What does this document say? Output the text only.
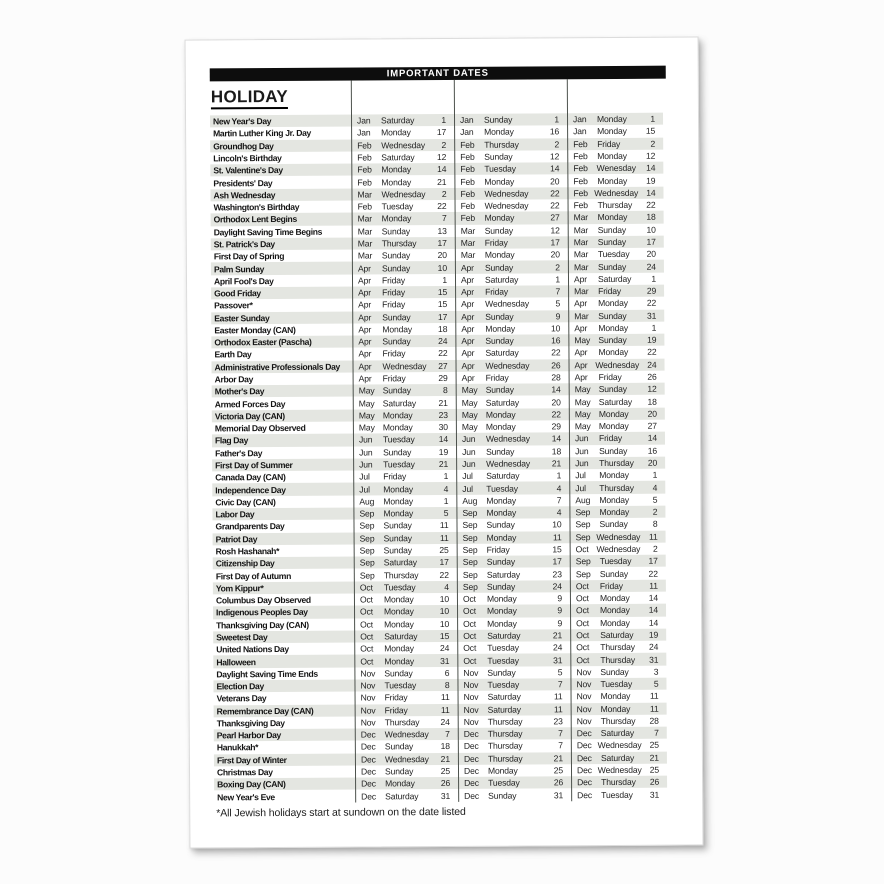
IMPORTANT DATES
HOLIDAY
New Year's Day	Jan	Saturday	1	Jan	Sunday	1	Jan	Monday	1
Martin Luther King Jr. Day	Jan	Monday	17	Jan	Monday	16	Jan	Monday	15
Groundhog Day	Feb	Wednesday	2	Feb	Thursday	2	Feb	Friday	2
Lincoln's Birthday	Feb	Saturday	12	Feb	Sunday	12	Feb	Monday	12
St. Valentine's Day	Feb	Monday	14	Feb	Tuesday	14	Feb	Wenesday	14
Presidents' Day	Feb	Monday	21	Feb	Monday	20	Feb	Monday	19
Ash Wednesday	Mar	Wednesday	2	Feb	Wednesday	22	Feb Wednesday 14
Washington's Birthday	Feb	Tuesday	22	Feb	Wednesday	22	Feb	Thursday	22
Orthodox Lent Begins	Mar	Monday	7	Feb	Monday	27	Mar	Monday	18
Daylight Saving Time Begins	Mar	Sunday	13	Mar	Sunday	12	Mar	Sunday	10
St. Patrick's Day	Mar	Thursday	17	Mar	Friday	17	Mar	Sunday	17
First Day of Spring	Mar	Sunday	20	Mar	Monday	20	Mar	Tuesday	20
Palm Sunday	Apr	Sunday	10	Apr	Sunday	2	Mar	Sunday	24
April Fool's Day	Apr	Friday	1	Apr	Saturday	1	Apr	Saturday	1
Good Friday	Apr	Friday	15	Apr	Friday	7	Mar	Friday	29
Passover*	Apr	Friday	15	Apr	Wednesday	5	Apr	Monday	22
Easter Sunday	Apr	Sunday	17	Apr	Sunday	9	Mar	Sunday	31
Easter Monday (CAN)	Apr	Monday	18	Apr	Monday	10	Apr	Monday	1
Orthodox Easter (Pascha)	Apr	Sunday	24	Apr	Sunday	16	May Sunday	19
Earth Day	Apr	Friday	22	Apr	Saturday	22	Apr	Monday	22
Administrative Professionals Day	Apr	Wednesday	27	Apr	Wednesday	26	Apr Wednesday 24
Arbor Day	Apr	Friday	29	Apr	Friday	28	Apr	Friday	26
Mother's Day	May Sunday	8	May Sunday	14	May Sunday	12
Armed Forces Day	May Saturday	21	May Saturday	20	May Saturday	18
Victoria Day (CAN)	May Monday	23	May Monday	22	May Monday	20
Memorial Day Observed	May Monday	30	May Monday	29	May Monday	27
Flag Day	Jun	Tuesday	14	Jun	Wednesday	14	Jun	Friday	14
Father's Day	Jun	Sunday	19	Jun	Sunday	18	Jun	Sunday	16
First Day of Summer	Jun	Tuesday	21	Jun	Wednesday	21	Jun	Thursday	20
Canada Day (CAN)	Jul	Friday	1	Jul	Saturday	1	Jul	Monday	1
Independence Day	Jul	Monday	4	Jul	Tuesday	4	Jul	Thursday	4
Civic Day (CAN)	Aug	Monday	1	Aug	Monday	7	Aug	Monday	5
Labor Day	Sep	Monday	5	Sep	Monday	4	Sep	Monday	2
Grandparents Day	Sep	Sunday	11	Sep	Sunday	10	Sep	Sunday	8
Patriot Day	Sep	Sunday	11	Sep	Monday	11	Sep Wednesday	11
Rosh Hashanah*	Sep	Sunday	25	Sep	Friday	15	Oct Wednesday	2
Citizenship Day	Sep	Saturday	17	Sep	Sunday	17	Sep	Tuesday	17
First Day of Autumn	Sep	Thursday	22	Sep	Saturday	23	Sep	Sunday	22
Yom Kippur*	Oct	Tuesday	4	Sep	Sunday	24	Oct	Friday	11
Columbus Day Observed	Oct	Monday	10	Oct	Monday	9	Oct	Monday	14
Indigenous Peoples Day	Oct	Monday	10	Oct	Monday	9	Oct	Monday	14
Thanksgiving Day (CAN)	Oct	Monday	10	Oct	Monday	9	Oct	Monday	14
Sweetest Day	Oct	Saturday	15	Oct	Saturday	21	Oct	Saturday	19
United Nations Day	Oct	Monday	24	Oct	Tuesday	24	Oct	Thursday	24
Halloween	Oct	Monday	31	Oct	Tuesday	31	Oct	Thursday	31
Daylight Saving Time Ends	Nov	Sunday	6	Nov	Sunday	5	Nov	Sunday	3
Election Day	Nov	Tuesday	8	Nov	Tuesday	7	Nov	Tuesday	5
Veterans Day	Nov	Friday	11	Nov	Saturday	11	Nov	Monday	11
Remembrance Day (CAN)	Nov	Friday	11	Nov	Saturday	11	Nov	Monday	11
Thanksgiving Day	Nov	Thursday	24	Nov	Thursday	23	Nov	Thursday	28
Pearl Harbor Day	Dec	Wednesday	7	Dec	Thursday	7	Dec	Saturday	7
Hanukkah*	Dec	Sunday	18	Dec	Thursday	7	Dec Wednesday 25
First Day of Winter	Dec	Wednesday	21	Dec	Thursday	21	Dec	Saturday	21
Christmas Day	Dec	Sunday	25	Dec	Monday	25	Dec Wednesday 25
Boxing Day (CAN)	Dec	Monday	26	Dec	Tuesday	26	Dec	Thursday	26
New Year's Eve	Dec	Saturday	31	Dec	Sunday	31	Dec	Tuesday	31
*All Jewish holidays start at sundown on the date listed
